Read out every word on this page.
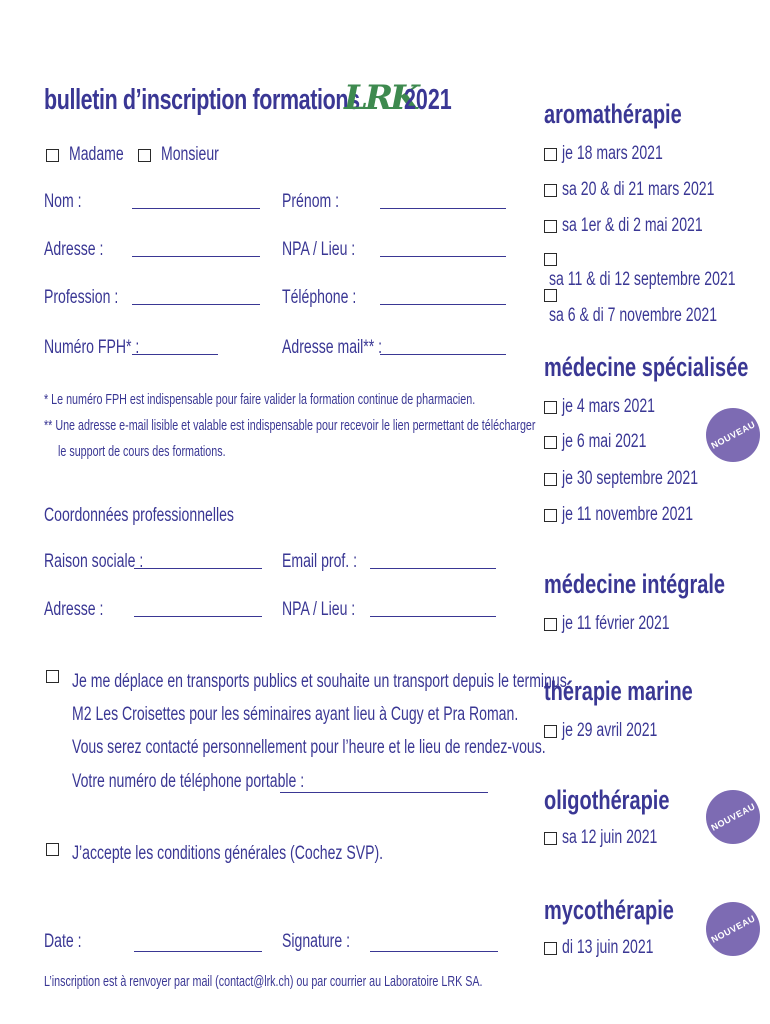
bulletin d’inscription formations
LRK
2021
Madame	Monsieur
Nom :	Prénom :
Adresse :	NPA / Lieu :
Profession :	Téléphone :
Numéro FPH* :	Adresse mail** :
* Le numéro FPH est indispensable pour faire valider la formation continue de pharmacien.
** Une adresse e-mail lisible et valable est indispensable pour recevoir le lien permettant de télécharger
le support de cours des formations.
Coordonnées professionnelles
Raison sociale :	Email prof. :
Adresse :	NPA / Lieu :
Je me déplace en transports publics et souhaite un transport depuis le terminus
M2 Les Croisettes pour les séminaires ayant lieu à Cugy et Pra Roman.
Vous serez contacté personnellement pour l’heure et le lieu de rendez-vous.
Votre numéro de téléphone portable :
J’accepte les conditions générales (Cochez SVP).
Date :	Signature :
L’inscription est à renvoyer par mail (contact@lrk.ch) ou par courrier au Laboratoire LRK SA.
aromathérapie
je 18 mars 2021
sa 20 & di 21 mars 2021
sa 1er & di 2 mai 2021
sa 11 & di 12 septembre 2021
sa 6 & di 7 novembre 2021
médecine spécialisée
je 4 mars 2021
je 6 mai 2021
je 30 septembre 2021
je 11 novembre 2021
NOUVEAU
médecine intégrale
je 11 février 2021
thérapie marine
je 29 avril 2021
oligothérapie
sa 12 juin 2021
NOUVEAU
mycothérapie
di 13 juin 2021
NOUVEAU
